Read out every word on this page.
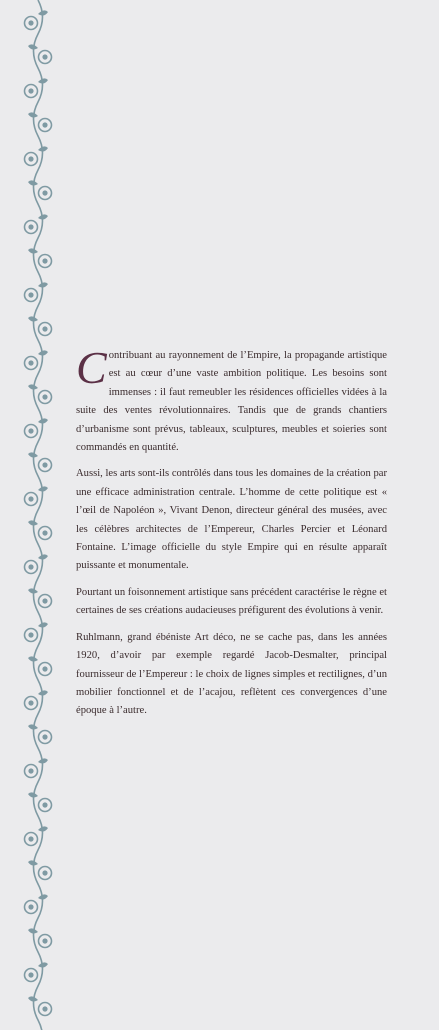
Contribuant au rayonnement de l’Empire, la propagande artistique est au cœur d’une vaste ambition politique. Les besoins sont immenses : il faut remeubler les résidences officielles vidées à la suite des ventes révolutionnaires. Tandis que de grands chantiers d’urbanisme sont prévus, tableaux, sculptures, meubles et soieries sont commandés en quantité.

Aussi, les arts sont-ils contrôlés dans tous les domaines de la création par une efficace administration centrale. L’homme de cette politique est « l’œil de Napoléon », Vivant Denon, directeur général des musées, avec les célèbres architectes de l’Empereur, Charles Percier et Léonard Fontaine. L’image officielle du style Empire qui en résulte apparaît puissante et monumentale.

Pourtant un foisonnement artistique sans précédent caractérise le règne et certaines de ses créations audacieuses préfigurent des évolutions à venir.

Ruhlmann, grand ébéniste Art déco, ne se cache pas, dans les années 1920, d’avoir par exemple regardé Jacob-Desmalter, principal fournisseur de l’Empereur : le choix de lignes simples et rectilignes, d’un mobilier fonctionnel et de l’acajou, reflètent ces convergences d’une époque à l’autre.
